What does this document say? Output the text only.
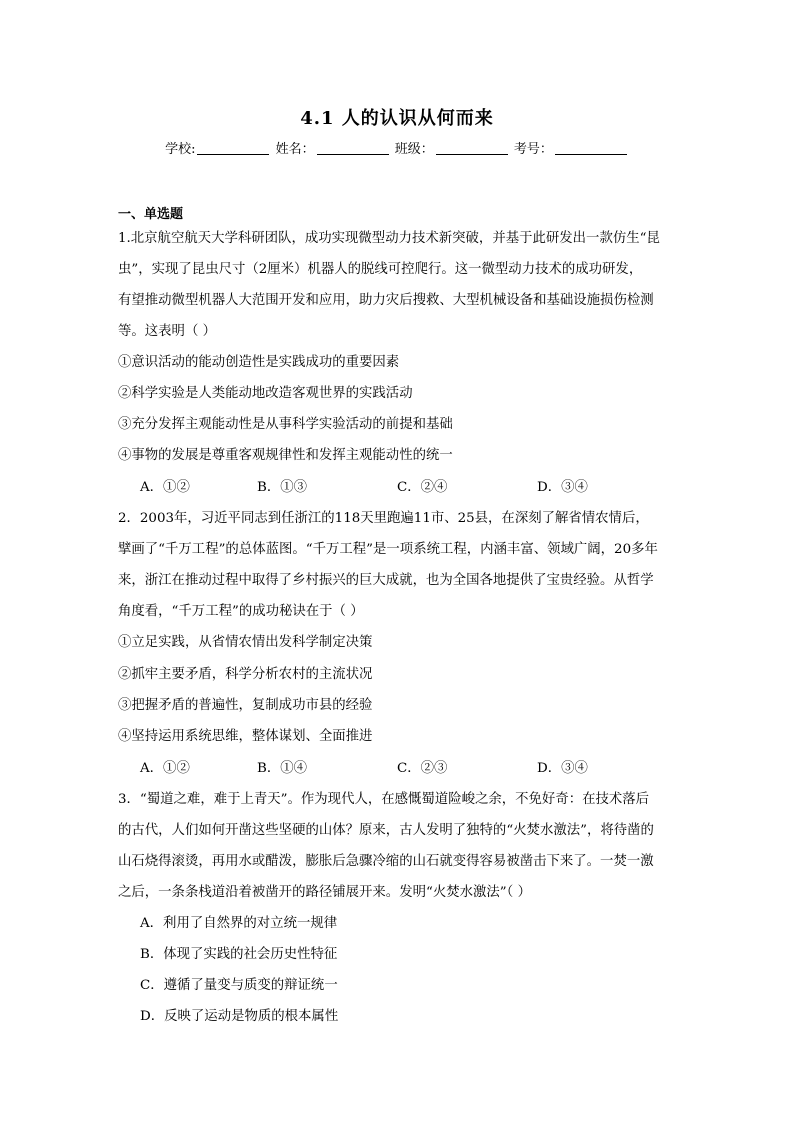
4.1 人的认识从何而来
学校:	姓名：	班级：	考号：
一、单选题
1.北京航空航天大学科研团队，成功实现微型动力技术新突破，并基于此研发出一款仿生“昆
虫”，实现了昆虫尺寸（2厘米）机器人的脱线可控爬行。这一微型动力技术的成功研发，
有望推动微型机器人大范围开发和应用，助力灾后搜救、大型机械设备和基础设施损伤检测
等。这表明（ ）
①意识活动的能动创造性是实践成功的重要因素
②科学实验是人类能动地改造客观世界的实践活动
③充分发挥主观能动性是从事科学实验活动的前提和基础
④事物的发展是尊重客观规律性和发挥主观能动性的统一
A．①②	B．①③	C．②④	D．③④
2．2003年，习近平同志到任浙江的118天里跑遍11市、25县，在深刻了解省情农情后，
擘画了“千万工程”的总体蓝图。“千万工程”是一项系统工程，内涵丰富、领域广阔，20多年
来，浙江在推动过程中取得了乡村振兴的巨大成就，也为全国各地提供了宝贵经验。从哲学
角度看，“千万工程”的成功秘诀在于（ ）
①立足实践，从省情农情出发科学制定决策
②抓牢主要矛盾，科学分析农村的主流状况
③把握矛盾的普遍性，复制成功市县的经验
④坚持运用系统思维，整体谋划、全面推进
A．①②	B．①④	C．②③	D．③④
3．“蜀道之难，难于上青天”。作为现代人，在感慨蜀道险峻之余，不免好奇：在技术落后
的古代，人们如何开凿这些坚硬的山体？原来，古人发明了独特的“火焚水激法”，将待凿的
山石烧得滚烫，再用水或醋泼，膨胀后急骤冷缩的山石就变得容易被凿击下来了。一焚一激
之后，一条条栈道沿着被凿开的路径铺展开来。发明“火焚水激法”（ ）
A．利用了自然界的对立统一规律
B．体现了实践的社会历史性特征
C．遵循了量变与质变的辩证统一
D．反映了运动是物质的根本属性
